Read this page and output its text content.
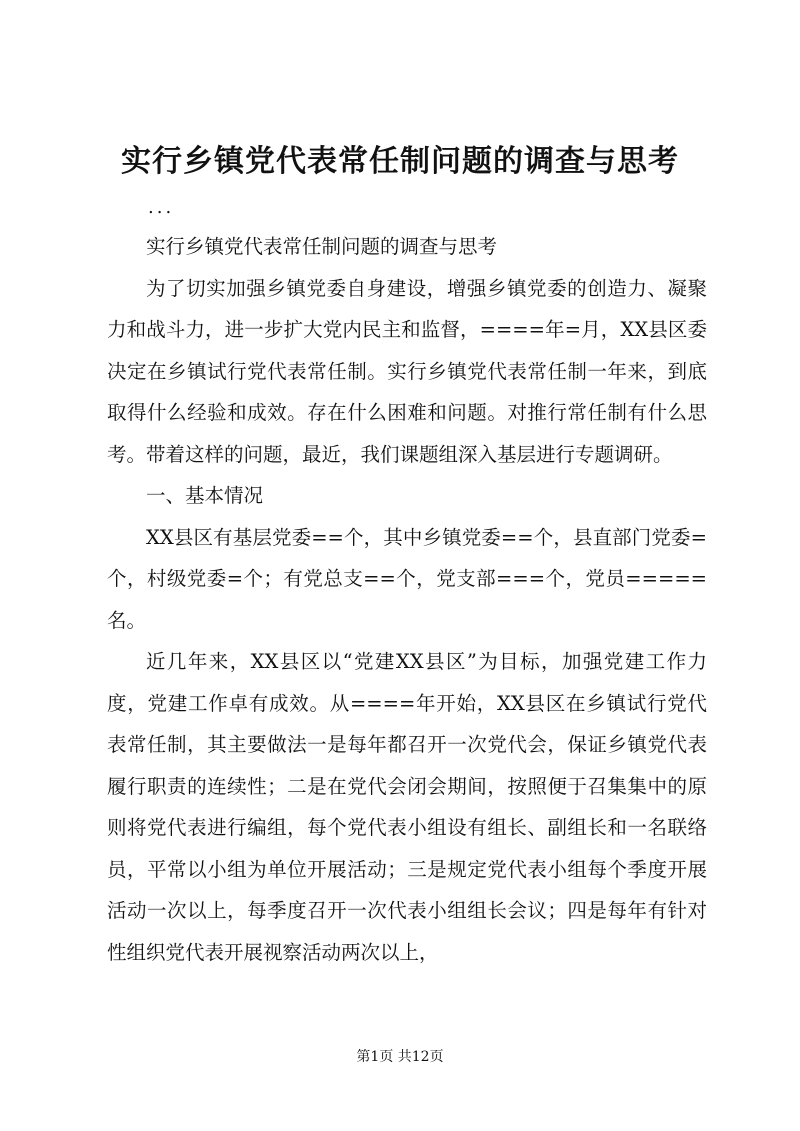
实行乡镇党代表常任制问题的调查与思考
...

实行乡镇党代表常任制问题的调查与思考

为了切实加强乡镇党委自身建设，增强乡镇党委的创造力、凝聚力和战斗力，进一步扩大党内民主和监督，====年=月，XX县区委决定在乡镇试行党代表常任制。实行乡镇党代表常任制一年来，到底取得什么经验和成效。存在什么困难和问题。对推行常任制有什么思考。带着这样的问题，最近，我们课题组深入基层进行专题调研。

一、基本情况

XX县区有基层党委==个，其中乡镇党委==个，县直部门党委=个，村级党委=个；有党总支==个，党支部===个，党员=====名。

近几年来，XX县区以“党建XX县区”为目标，加强党建工作力度，党建工作卓有成效。从====年开始，XX县区在乡镇试行党代表常任制，其主要做法一是每年都召开一次党代会，保证乡镇党代表履行职责的连续性；二是在党代会闭会期间，按照便于召集集中的原则将党代表进行编组，每个党代表小组设有组长、副组长和一名联络员，平常以小组为单位开展活动；三是规定党代表小组每个季度开展活动一次以上，每季度召开一次代表小组组长会议；四是每年有针对性组织党代表开展视察活动两次以上，

第1页 共12页
